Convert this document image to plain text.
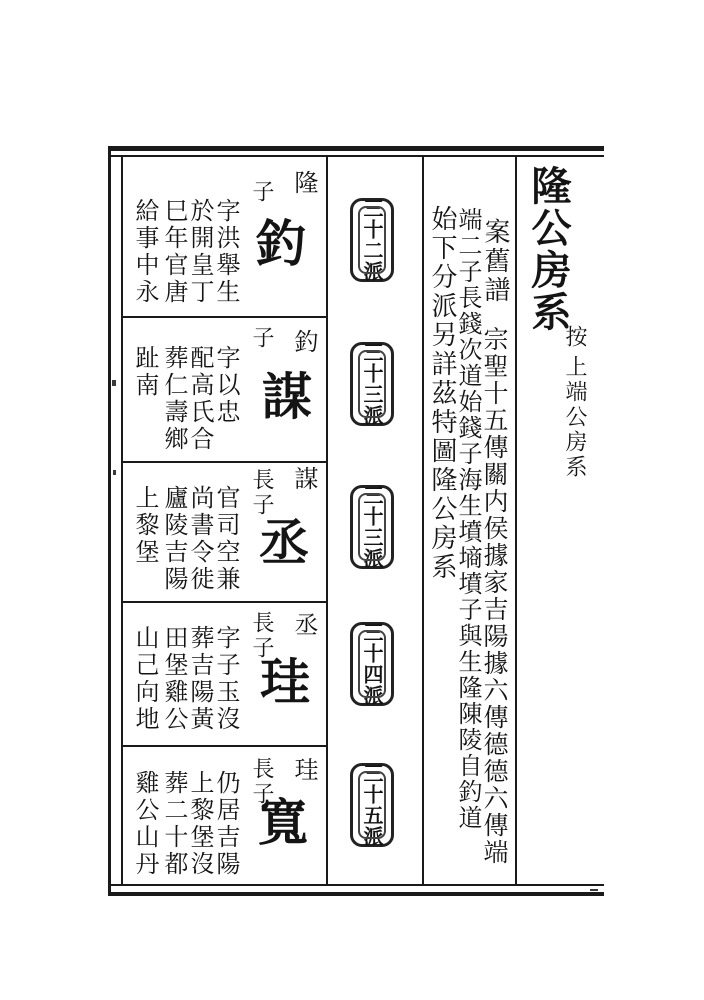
隆公房系
按
上端公房系
案舊譜
宗聖十五傳關内侯據家吉陽據六傳德德六傳端
端二子長錢次道始錢子海生墳墒墳子與生隆陳陵自釣道
始下分派另詳茲特圖隆公房系
三十二派
三十三派
三十三派
三十四派
三十五派
隆
子
釣
字洪舉生
於開皇丁
巳年官唐
給事中永
釣
子
謀
字以忠
配高氏合
葬仁壽鄉
趾南
謀
長子
丞
官司空兼
尚書令徙
廬陵吉陽
上黎堡
丞
長子
珪
字子玉沒
葬吉陽黃
田堡雞公
山己向地
珪
長子
寬
仍居吉陽
上黎堡沒
葬二十都
雞公山丹
